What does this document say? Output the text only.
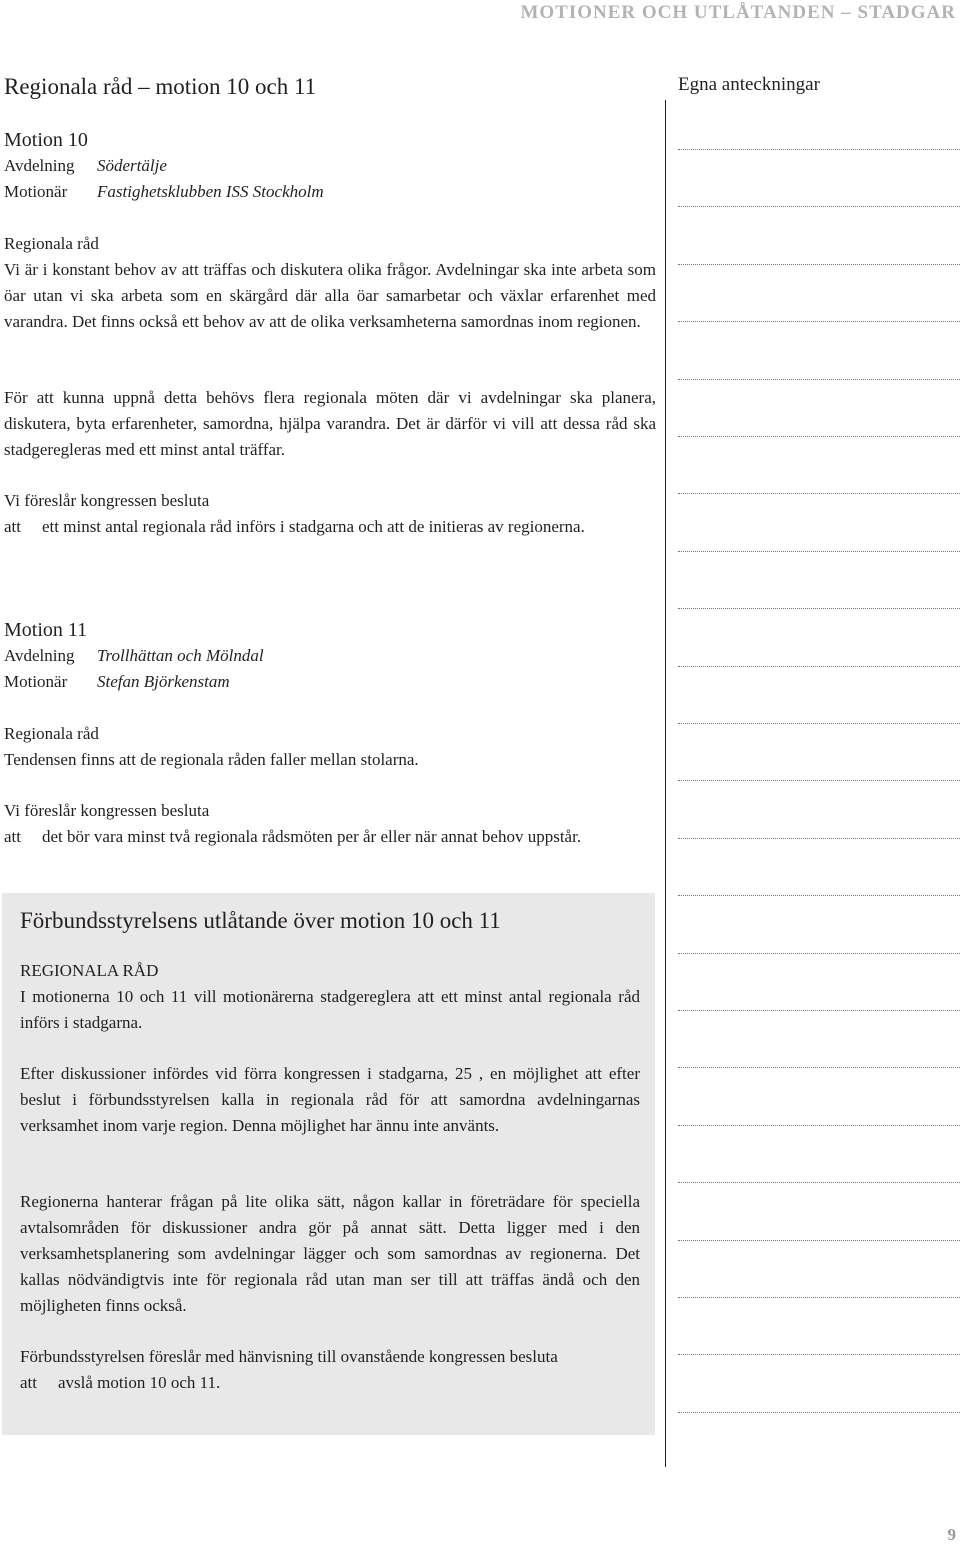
MOTIONER OCH UTLÅTANDEN – STADGAR
Regionala råd – motion 10 och 11	Egna anteckningar
Motion 10
Avdelning Södertälje
Motionär Fastighetsklubben ISS Stockholm
Regionala råd

Vi är i konstant behov av att träffas och diskutera olika frågor. Avdelningar ska inte arbeta som öar utan vi ska arbeta som en skärgård där alla öar samarbetar och växlar erfarenhet med varandra. Det finns också ett behov av att de olika verksamheterna samordnas inom regionen.

För att kunna uppnå detta behövs flera regionala möten där vi avdelningar ska planera, diskutera, byta erfarenheter, samordna, hjälpa varandra. Det är därför vi vill att dessa råd ska stadgeregleras med ett minst antal träffar.

Vi föreslår kongressen besluta
att	ett minst antal regionala råd införs i stadgarna och att de initieras av regionerna.
Motion 11
Avdelning Trollhättan och Mölndal
Motionär Stefan Björkenstam
Regionala råd

Tendensen finns att de regionala råden faller mellan stolarna.

Vi föreslår kongressen besluta
att	det bör vara minst två regionala rådsmöten per år eller när annat behov uppstår.
Förbundsstyrelsens utlåtande över motion 10 och 11
REGIONALA RÅD

I motionerna 10 och 11 vill motionärerna stadgereglera att ett minst antal regionala råd införs i stadgarna.

Efter diskussioner infördes vid förra kongressen i stadgarna, 25 , en möjlighet att efter beslut i förbundsstyrelsen kalla in regionala råd för att samordna avdelningarnas verksamhet inom varje region. Denna möjlighet har ännu inte använts.

Regionerna hanterar frågan på lite olika sätt, någon kallar in företrädare för speciella avtalsområden för diskussioner andra gör på annat sätt. Detta ligger med i den verksamhetsplanering som avdelningar lägger och som samordnas av regionerna. Det kallas nödvändigtvis inte för regionala råd utan man ser till att träffas ändå och den möjligheten finns också.

Förbundsstyrelsen föreslår med hänvisning till ovanstående kongressen besluta

att	avslå motion 10 och 11.
9
